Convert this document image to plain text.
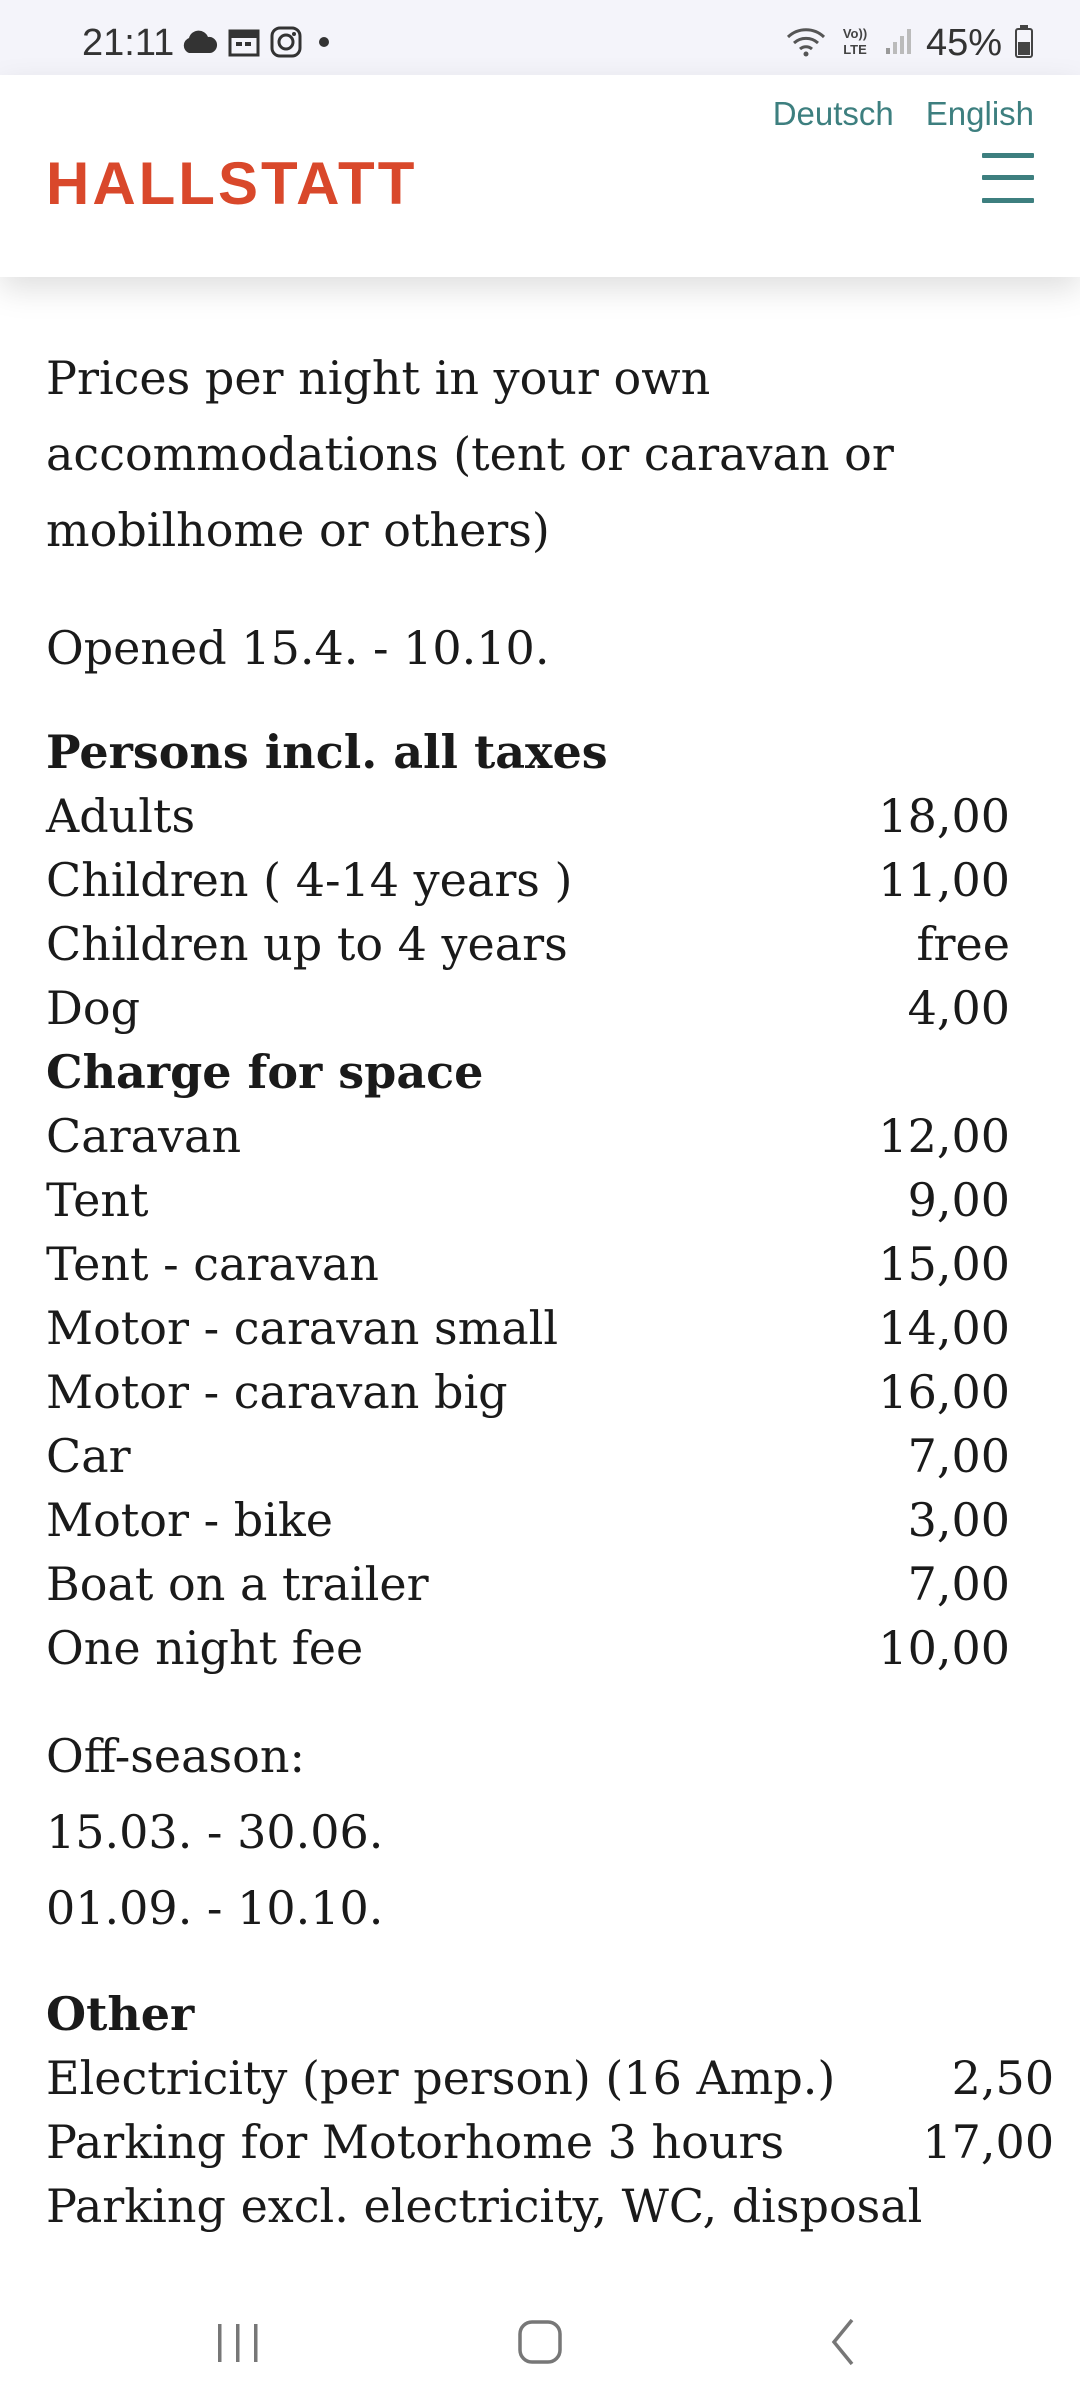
21:11	Vo))
LTE 45%
Deutsch English
HALLSTATT

Prices per night in your own accommodations (tent or caravan or mobilhome or others)

Opened 15.4. - 10.10.

Persons incl. all taxes	
Adults	18,00
Children ( 4-14 years )	11,00
Children up to 4 years	free
Dog	4,00
Charge for space	
Caravan	12,00
Tent	9,00
Tent - caravan	15,00
Motor - caravan small	14,00
Motor - caravan big	16,00
Car	7,00
Motor - bike	3,00
Boat on a trailer	7,00
One night fee	10,00
Off-season:
15.03. - 30.06.
01.09. - 10.10.
Other	
Electricity (per person) (16 Amp.)	2,50
Parking for Motorhome 3 hours	17,00
Parking excl. electricity, WC, disposal	
